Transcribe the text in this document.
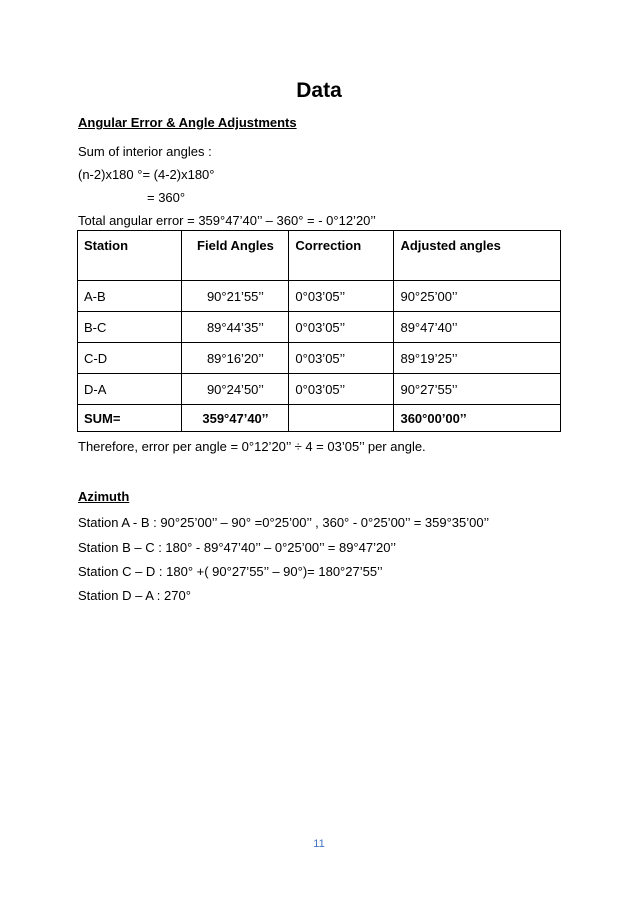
Data
Angular Error & Angle Adjustments
Sum of interior angles :
(n-2)x180 °= (4-2)x180°
= 360°
Total angular error = 359°47’40’’ – 360° = - 0°12’20’’
Station	Field Angles	Correction	Adjusted angles
A-B	90°21’55’’	0°03’05’’	90°25’00’’
B-C	89°44’35’’	0°03’05’’	89°47’40’’
C-D	89°16’20’’	0°03’05’’	89°19’25’’
D-A	90°24’50’’	0°03’05’’	90°27’55’’
SUM=	359°47’40’’		360°00’00’’
Therefore, error per angle = 0°12’20’’ ÷ 4 = 03’05’’ per angle.
Azimuth
Station A - B : 90°25’00’’ – 90° =0°25’00’’ , 360° - 0°25’00’’ = 359°35’00’’
Station B – C : 180° - 89°47’40’’ – 0°25’00’’ = 89°47’20’’
Station C – D : 180° +( 90°27’55’’ – 90°)= 180°27’55’’
Station D – A : 270°
11
